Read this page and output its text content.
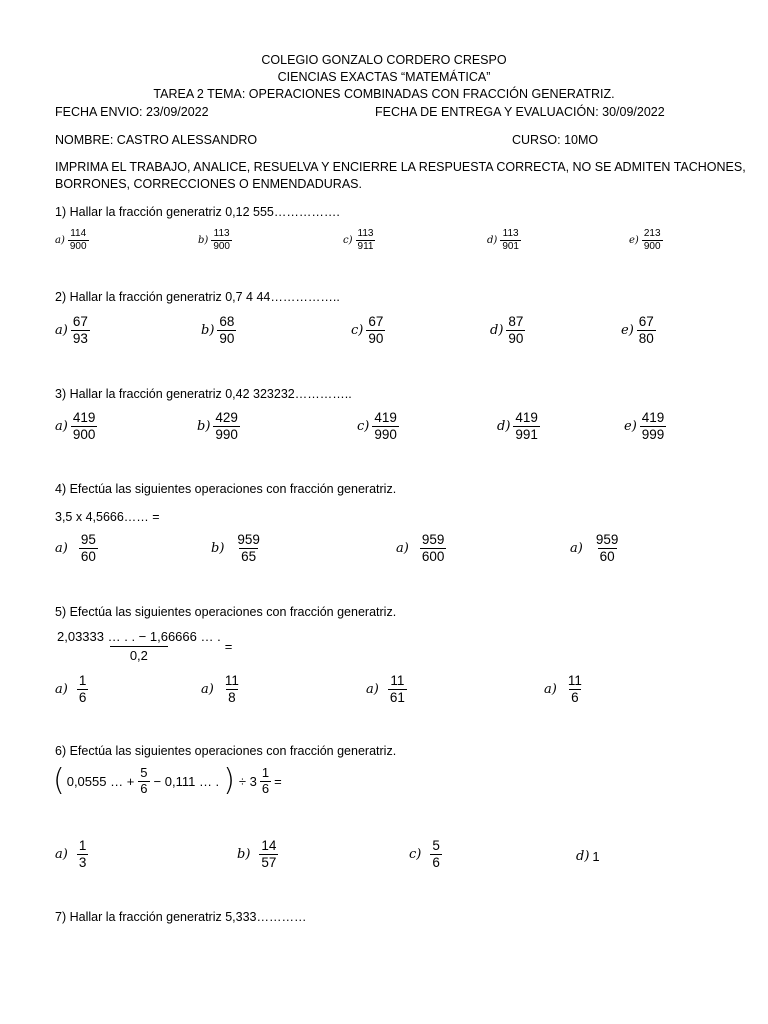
COLEGIO GONZALO CORDERO CRESPO
CIENCIAS EXACTAS “MATEMÁTICA”
TAREA 2 TEMA: OPERACIONES COMBINADAS CON FRACCIÓN GENERATRIZ.
FECHA ENVIO: 23/09/2022	FECHA DE ENTREGA Y EVALUACIÓN: 30/09/2022
NOMBRE: CASTRO ALESSANDRO	CURSO: 10MO
IMPRIMA EL TRABAJO, ANALICE, RESUELVA Y ENCIERRE LA RESPUESTA CORRECTA, NO SE ADMITEN TACHONES,
BORRONES, CORRECCIONES O ENMENDADURAS.
1) Hallar la fracción generatriz 0,12 555…………….
$a) \frac{114}{900}$	$b) \frac{113}{900}$	$c) \frac{113}{911}$	$d) \frac{113}{901}$	$e) \frac{213}{900}$
2) Hallar la fracción generatriz 0,7 4 44……………..
$a) \frac{67}{93}$	$b) \frac{68}{90}$	$c) \frac{67}{90}$	$d) \frac{87}{90}$	$e) \frac{67}{80}$
3) Hallar la fracción generatriz 0,42 323232…………..
$a) \frac{419}{900}$	$b) \frac{429}{990}$	$c) \frac{419}{990}$	$d) \frac{419}{991}$	$e) \frac{419}{999}$
4) Efectúa las siguientes operaciones con fracción generatriz.
3,5 x 4,5666…… =
$a) \frac{95}{60}$	$b) \frac{959}{65}$	$a) \frac{959}{600}$	$a) \frac{959}{60}$
5) Efectúa las siguientes operaciones con fracción generatriz.
$\frac{2,03333 \dots . . - 1,66666 \dots .}{0,2}$ =
$a) \frac{1}{6}$	$a) \frac{11}{8}$	$a) \frac{11}{61}$	$a) \frac{11}{6}$
6) Efectúa las siguientes operaciones con fracción generatriz.
( 0,0555 … + $\frac{5}{6} - 0,111$ … . ) ÷ $3 \frac{1}{6}$ =
$a) \frac{1}{3}$	$b) \frac{14}{57}$	$c) \frac{5}{6}$	d) 1
7) Hallar la fracción generatriz 5,333…………
